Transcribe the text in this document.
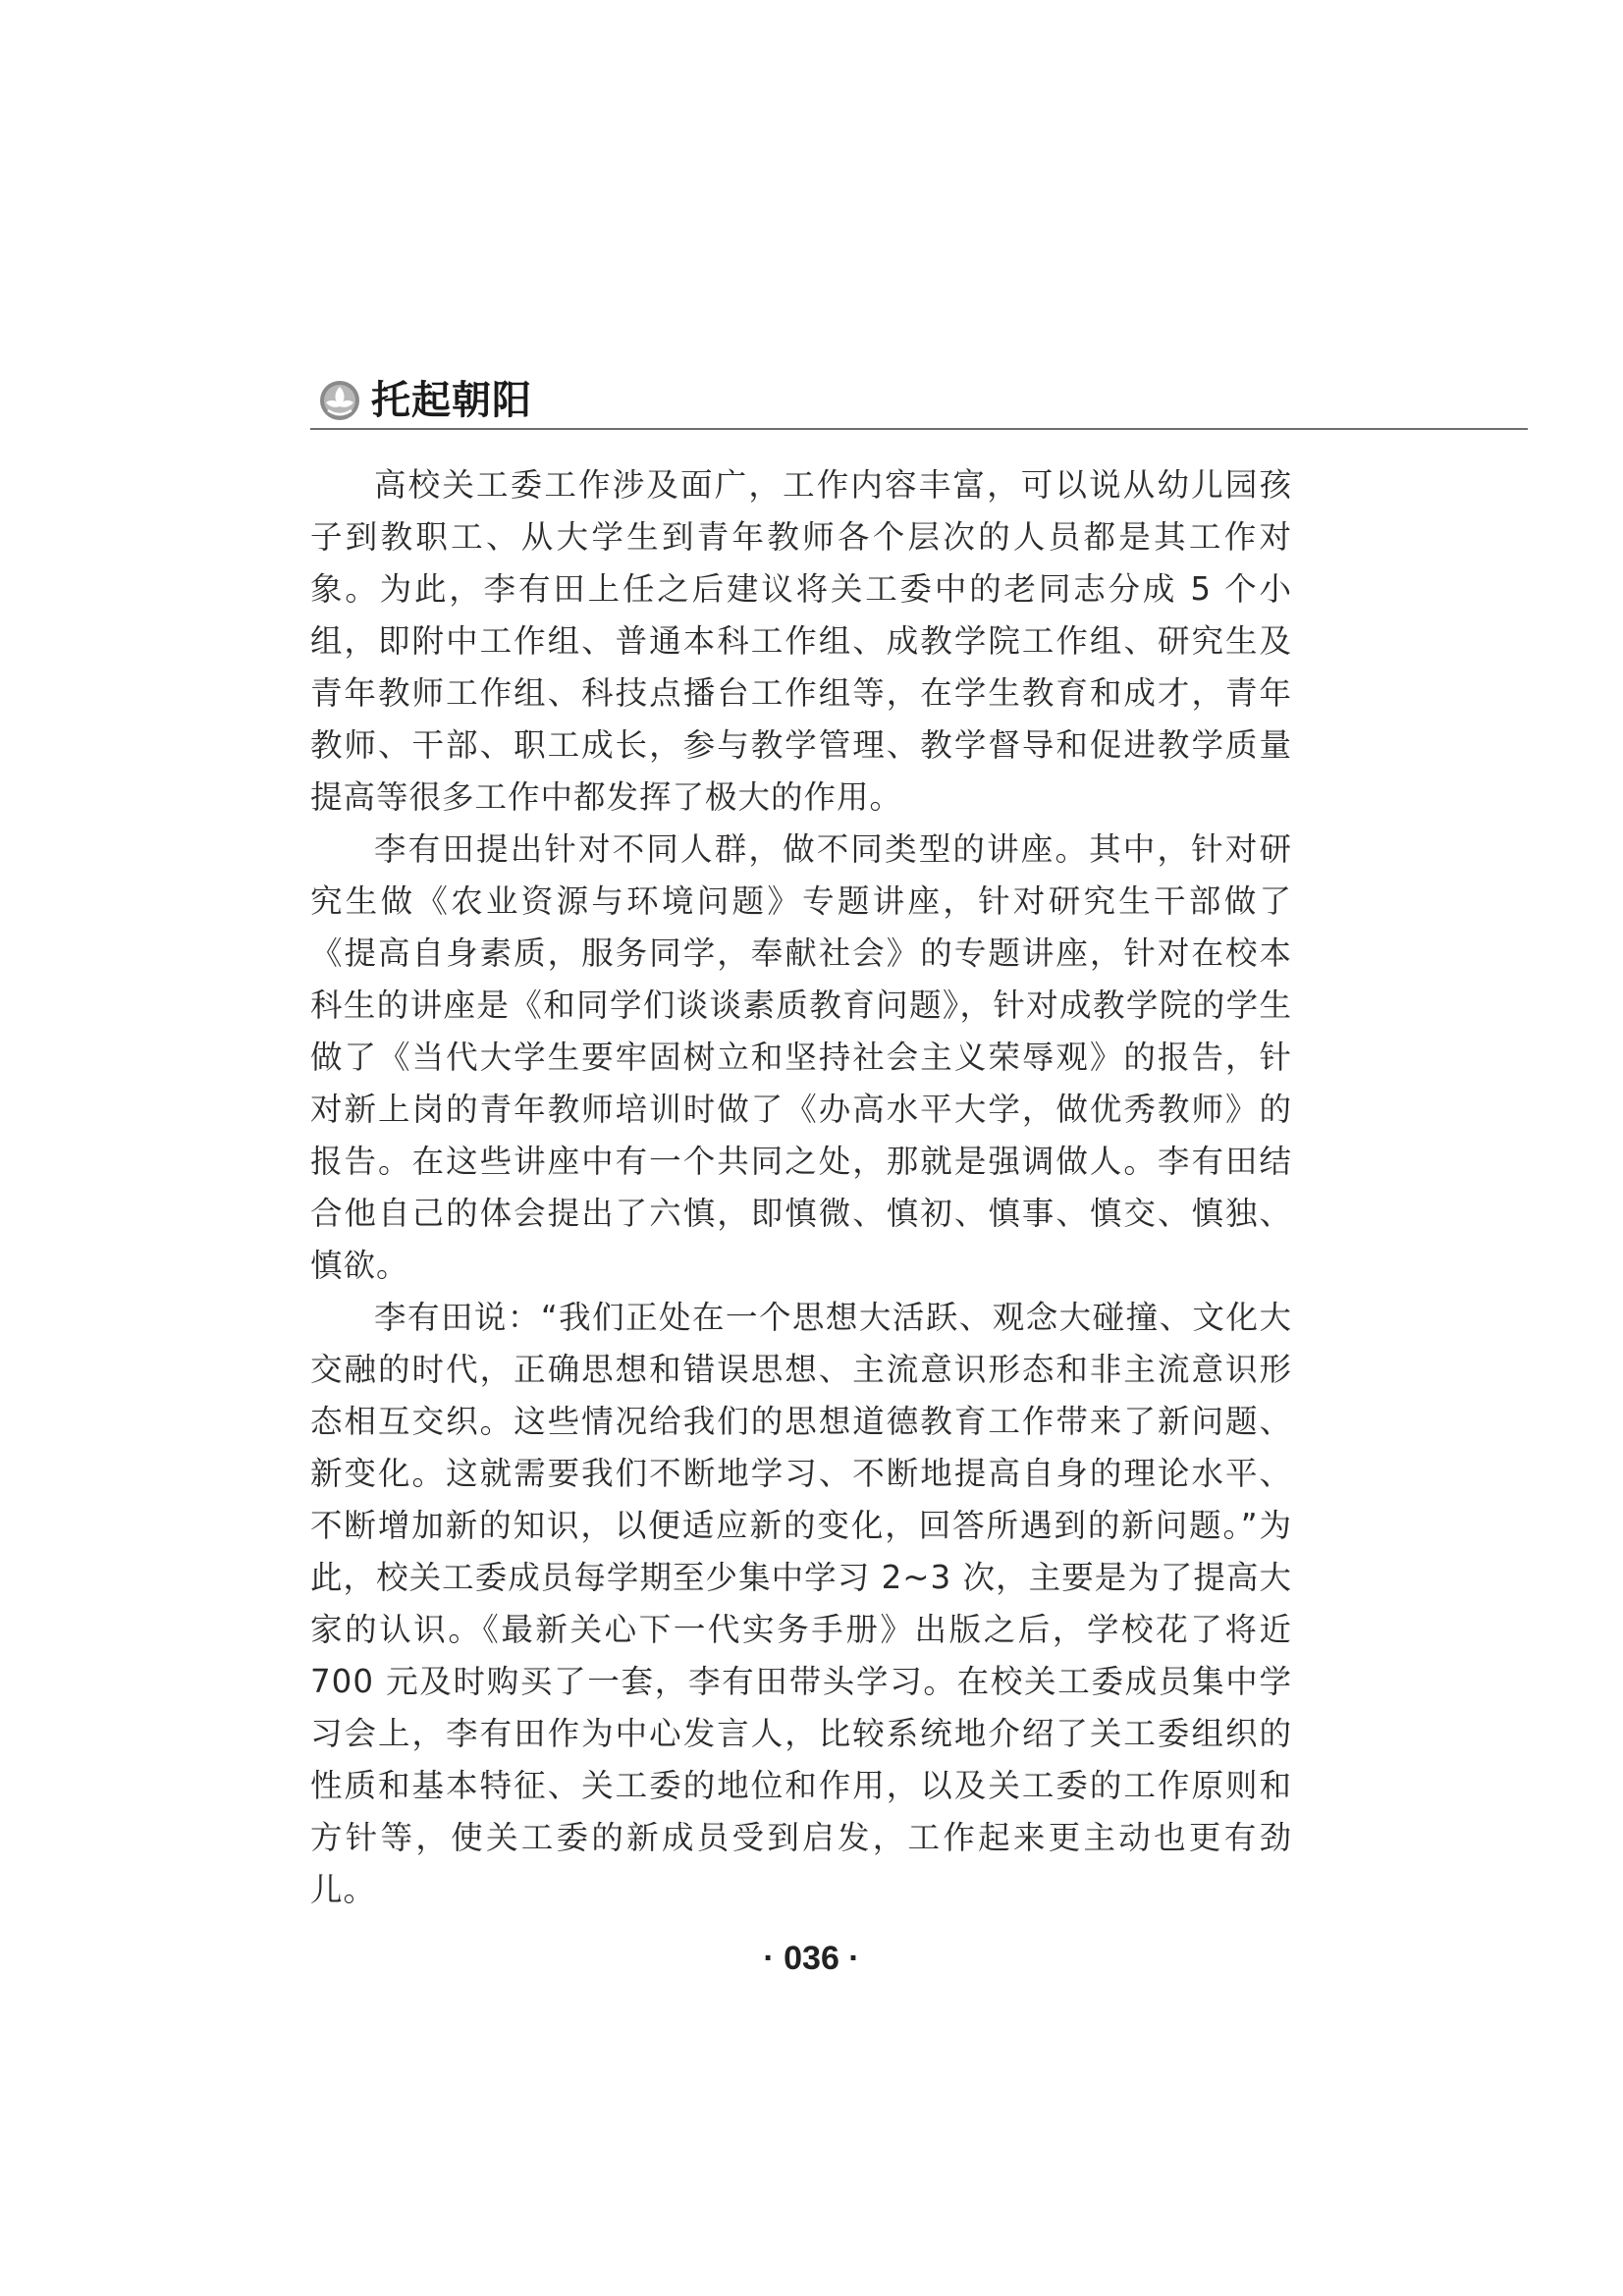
托起朝阳

高校关工委工作涉及面广，工作内容丰富，可以说从幼儿园孩子到教职工、从大学生到青年教师各个层次的人员都是其工作对象。为此，李有田上任之后建议将关工委中的老同志分成 5 个小组，即附中工作组、普通本科工作组、成教学院工作组、研究生及青年教师工作组、科技点播台工作组等，在学生教育和成才，青年教师、干部、职工成长，参与教学管理、教学督导和促进教学质量提高等很多工作中都发挥了极大的作用。

李有田提出针对不同人群，做不同类型的讲座。其中，针对研究生做《农业资源与环境问题》专题讲座，针对研究生干部做了《提高自身素质，服务同学，奉献社会》的专题讲座，针对在校本科生的讲座是《和同学们谈谈素质教育问题》，针对成教学院的学生做了《当代大学生要牢固树立和坚持社会主义荣辱观》的报告，针对新上岗的青年教师培训时做了《办高水平大学，做优秀教师》的报告。在这些讲座中有一个共同之处，那就是强调做人。李有田结合他自己的体会提出了六慎，即慎微、慎初、慎事、慎交、慎独、慎欲。

李有田说：“我们正处在一个思想大活跃、观念大碰撞、文化大交融的时代，正确思想和错误思想、主流意识形态和非主流意识形态相互交织。这些情况给我们的思想道德教育工作带来了新问题、新变化。这就需要我们不断地学习、不断地提高自身的理论水平、不断增加新的知识，以便适应新的变化，回答所遇到的新问题。”为此，校关工委成员每学期至少集中学习 2~3 次，主要是为了提高大家的认识。《最新关心下一代实务手册》出版之后，学校花了将近 700 元及时购买了一套，李有田带头学习。在校关工委成员集中学习会上，李有田作为中心发言人，比较系统地介绍了关工委组织的性质和基本特征、关工委的地位和作用，以及关工委的工作原则和方针等，使关工委的新成员受到启发，工作起来更主动也更有劲儿。

· 036 ·
